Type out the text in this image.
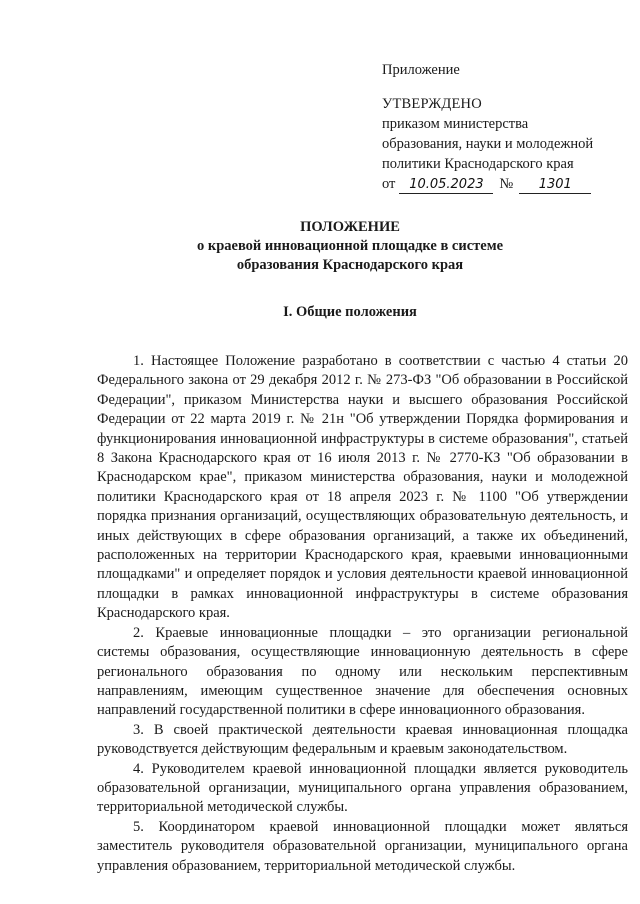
Приложение
УТВЕРЖДЕНО
приказом министерства
образования, науки и молодежной
политики Краснодарского края
от 10.05.2023 № 1301
ПОЛОЖЕНИЕ
о краевой инновационной площадке в системе
образования Краснодарского края
I. Общие положения

1. Настоящее Положение разработано в соответствии с частью 4 статьи 20 Федерального закона от 29 декабря 2012 г. № 273-ФЗ "Об образовании в Российской Федерации", приказом Министерства науки и высшего образования Российской Федерации от 22 марта 2019 г. № 21н "Об утверждении Порядка формирования и функционирования инновационной инфраструктуры в системе образования", статьей 8 Закона Краснодарского края от 16 июля 2013 г. № 2770-КЗ "Об образовании в Краснодарском крае", приказом министерства образования, науки и молодежной политики Краснодарского края от 18 апреля 2023 г. № 1100 "Об утверждении порядка признания организаций, осуществляющих образовательную деятельность, и иных действующих в сфере образования организаций, а также их объединений, расположенных на территории Краснодарского края, краевыми инновационными площадками" и определяет порядок и условия деятельности краевой инновационной площадки в рамках инновационной инфраструктуры в системе образования Краснодарского края.

2. Краевые инновационные площадки – это организации региональной системы образования, осуществляющие инновационную деятельность в сфере регионального образования по одному или нескольким перспективным направлениям, имеющим существенное значение для обеспечения основных направлений государственной политики в сфере инновационного образования.

3. В своей практической деятельности краевая инновационная площадка руководствуется действующим федеральным и краевым законодательством.

4. Руководителем краевой инновационной площадки является руководитель образовательной организации, муниципального органа управления образованием, территориальной методической службы.

5. Координатором краевой инновационной площадки может являться заместитель руководителя образовательной организации, муниципального органа управления образованием, территориальной методической службы.
